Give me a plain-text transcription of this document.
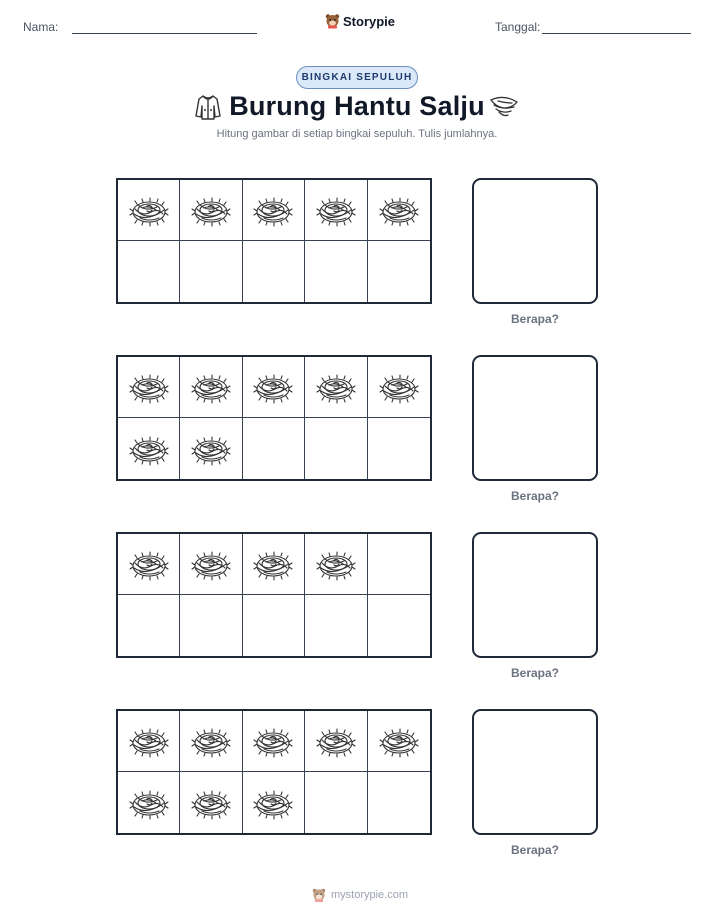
Nama:	Storypie	Tanggal:
BINGKAI SEPULUH
Burung Hantu Salju
Hitung gambar di setiap bingkai sepuluh. Tulis jumlahnya.
Berapa?
Berapa?
Berapa?
Berapa?
mystorypie.com
